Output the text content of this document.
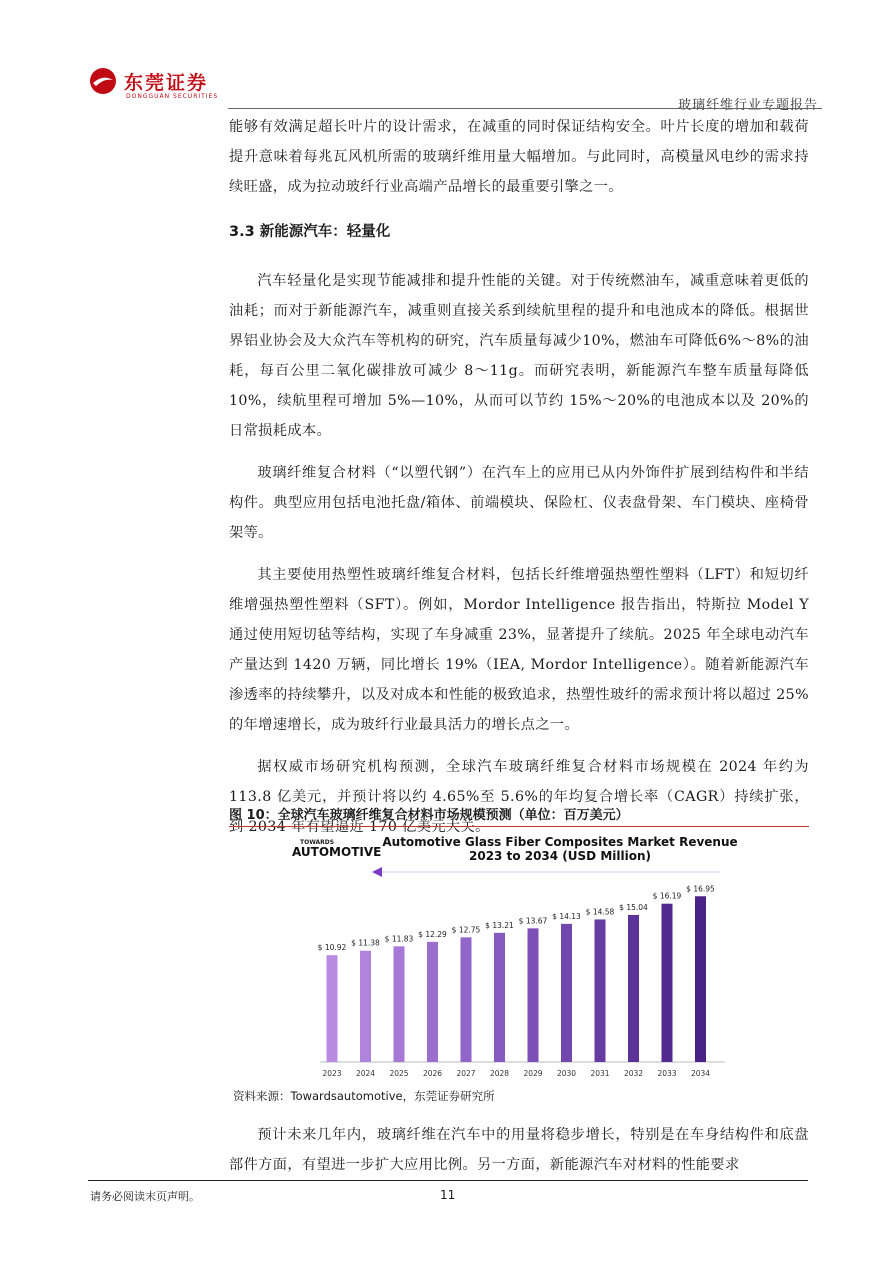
东莞证券
DONGGUAN SECURITIES
玻璃纤维行业专题报告

能够有效满足超长叶片的设计需求，在减重的同时保证结构安全。叶片长度的增加和载荷提升意味着每兆瓦风机所需的玻璃纤维用量大幅增加。与此同时，高模量风电纱的需求持续旺盛，成为拉动玻纤行业高端产品增长的最重要引擎之一。

3.3 新能源汽车：轻量化

汽车轻量化是实现节能减排和提升性能的关键。对于传统燃油车，减重意味着更低的油耗；而对于新能源汽车，减重则直接关系到续航里程的提升和电池成本的降低。根据世界铝业协会及大众汽车等机构的研究，汽车质量每减少10%，燃油车可降低6%～8%的油耗，每百公里二氧化碳排放可减少 8～11g。而研究表明，新能源汽车整车质量每降低 10%，续航里程可增加 5%—10%，从而可以节约 15%～20%的电池成本以及 20%的日常损耗成本。

玻璃纤维复合材料（“以塑代钢”）在汽车上的应用已从内外饰件扩展到结构件和半结构件。典型应用包括电池托盘/箱体、前端模块、保险杠、仪表盘骨架、车门模块、座椅骨架等。

其主要使用热塑性玻璃纤维复合材料，包括长纤维增强热塑性塑料（LFT）和短切纤维增强热塑性塑料（SFT）。例如，Mordor Intelligence 报告指出，特斯拉 Model Y 通过使用短切毡等结构，实现了车身减重 23%，显著提升了续航。2025 年全球电动汽车产量达到 1420 万辆，同比增长 19%（IEA, Mordor Intelligence）。随着新能源汽车渗透率的持续攀升，以及对成本和性能的极致追求，热塑性玻纤的需求预计将以超过 25%的年增速增长，成为玻纤行业最具活力的增长点之一。

据权威市场研究机构预测，全球汽车玻璃纤维复合材料市场规模在 2024 年约为 113.8 亿美元，并预计将以约 4.65%至 5.6%的年均复合增长率（CAGR）持续扩张，到 2034 年有望逼近 170 亿美元大关。

图 10：全球汽车玻璃纤维复合材料市场规模预测（单位：百万美元）
TOWARDS
AUTOMOTIVE
Automotive Glass Fiber Composites Market Revenue
2023 to 2034 (USD Million)
$ 10.92
2023
$ 11.38
2024
$ 11.83
2025
$ 12.29
2026
$ 12.75
2027
$ 13.21
2028
$ 13.67
2029
$ 14.13
2030
$ 14.58
2031
$ 15.04
2032
$ 16.19
2033
$ 16.95
2034
资料来源：Towardsautomotive，东莞证券研究所

预计未来几年内，玻璃纤维在汽车中的用量将稳步增长，特别是在车身结构件和底盘部件方面，有望进一步扩大应用比例。另一方面，新能源汽车对材料的性能要求

请务必阅读末页声明。	11
